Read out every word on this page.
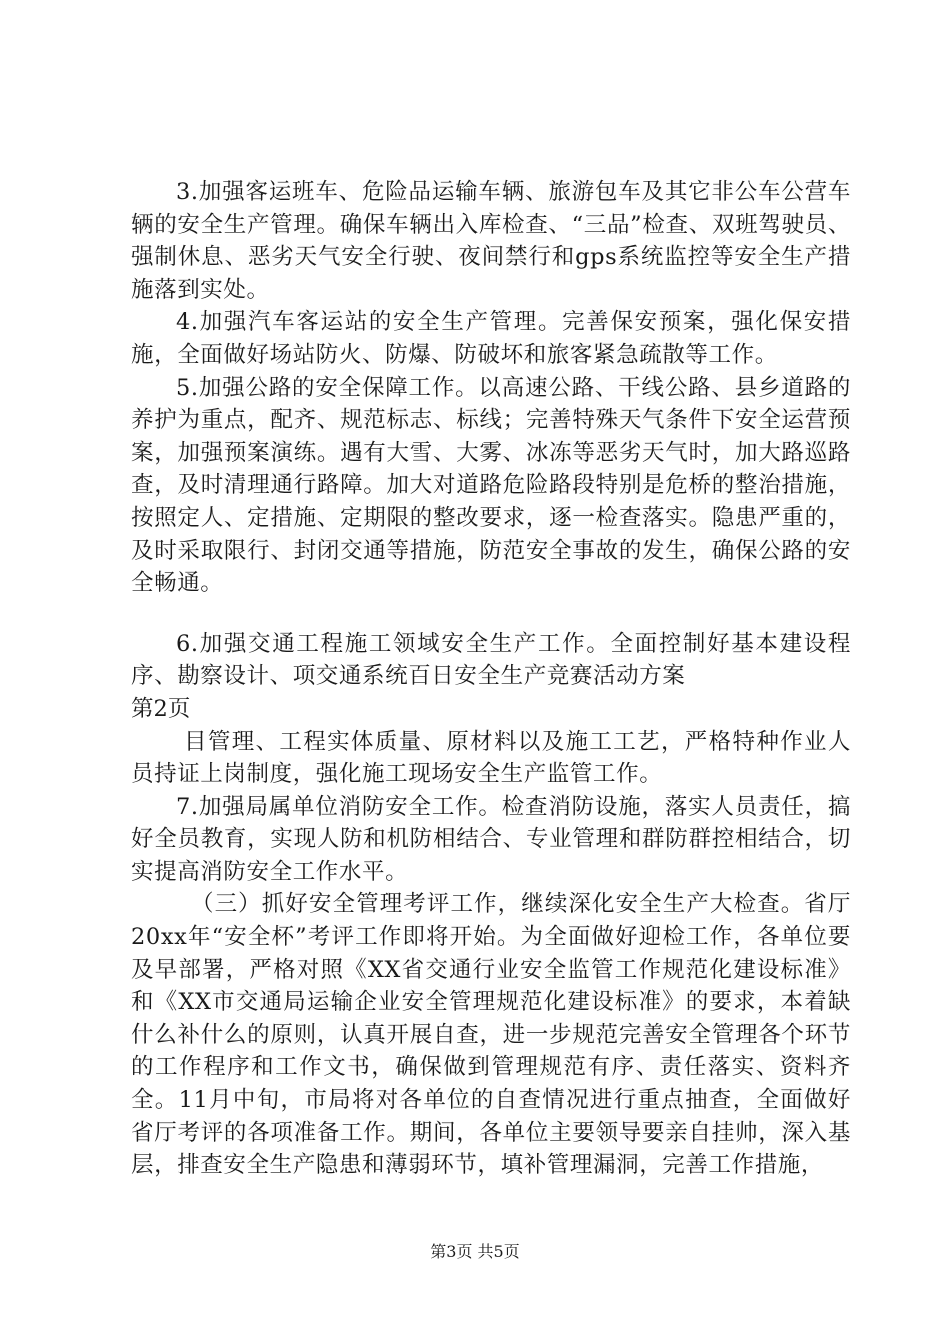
3.加强客运班车、危险品运输车辆、旅游包车及其它非公车公营车辆的安全生产管理。确保车辆出入库检查、“三品”检查、双班驾驶员、强制休息、恶劣天气安全行驶、夜间禁行和gps系统监控等安全生产措施落到实处。

4.加强汽车客运站的安全生产管理。完善保安预案，强化保安措施，全面做好场站防火、防爆、防破坏和旅客紧急疏散等工作。

5.加强公路的安全保障工作。以高速公路、干线公路、县乡道路的养护为重点，配齐、规范标志、标线；完善特殊天气条件下安全运营预案，加强预案演练。遇有大雪、大雾、冰冻等恶劣天气时，加大路巡路查，及时清理通行路障。加大对道路危险路段特别是危桥的整治措施，按照定人、定措施、定期限的整改要求，逐一检查落实。隐患严重的，及时采取限行、封闭交通等措施，防范安全事故的发生，确保公路的安全畅通。

6.加强交通工程施工领域安全生产工作。全面控制好基本建设程序、勘察设计、项交通系统百日安全生产竞赛活动方案

第2页

目管理、工程实体质量、原材料以及施工工艺，严格特种作业人员持证上岗制度，强化施工现场安全生产监管工作。

7.加强局属单位消防安全工作。检查消防设施，落实人员责任，搞好全员教育，实现人防和机防相结合、专业管理和群防群控相结合，切实提高消防安全工作水平。

（三）抓好安全管理考评工作，继续深化安全生产大检查。省厅20xx年“安全杯”考评工作即将开始。为全面做好迎检工作，各单位要及早部署，严格对照《XX省交通行业安全监管工作规范化建设标准》和《XX市交通局运输企业安全管理规范化建设标准》的要求，本着缺什么补什么的原则，认真开展自查，进一步规范完善安全管理各个环节的工作程序和工作文书，确保做到管理规范有序、责任落实、资料齐全。11月中旬，市局将对各单位的自查情况进行重点抽查，全面做好省厅考评的各项准备工作。期间，各单位主要领导要亲自挂帅，深入基层，排查安全生产隐患和薄弱环节，填补管理漏洞，完善工作措施，

第3页 共5页
